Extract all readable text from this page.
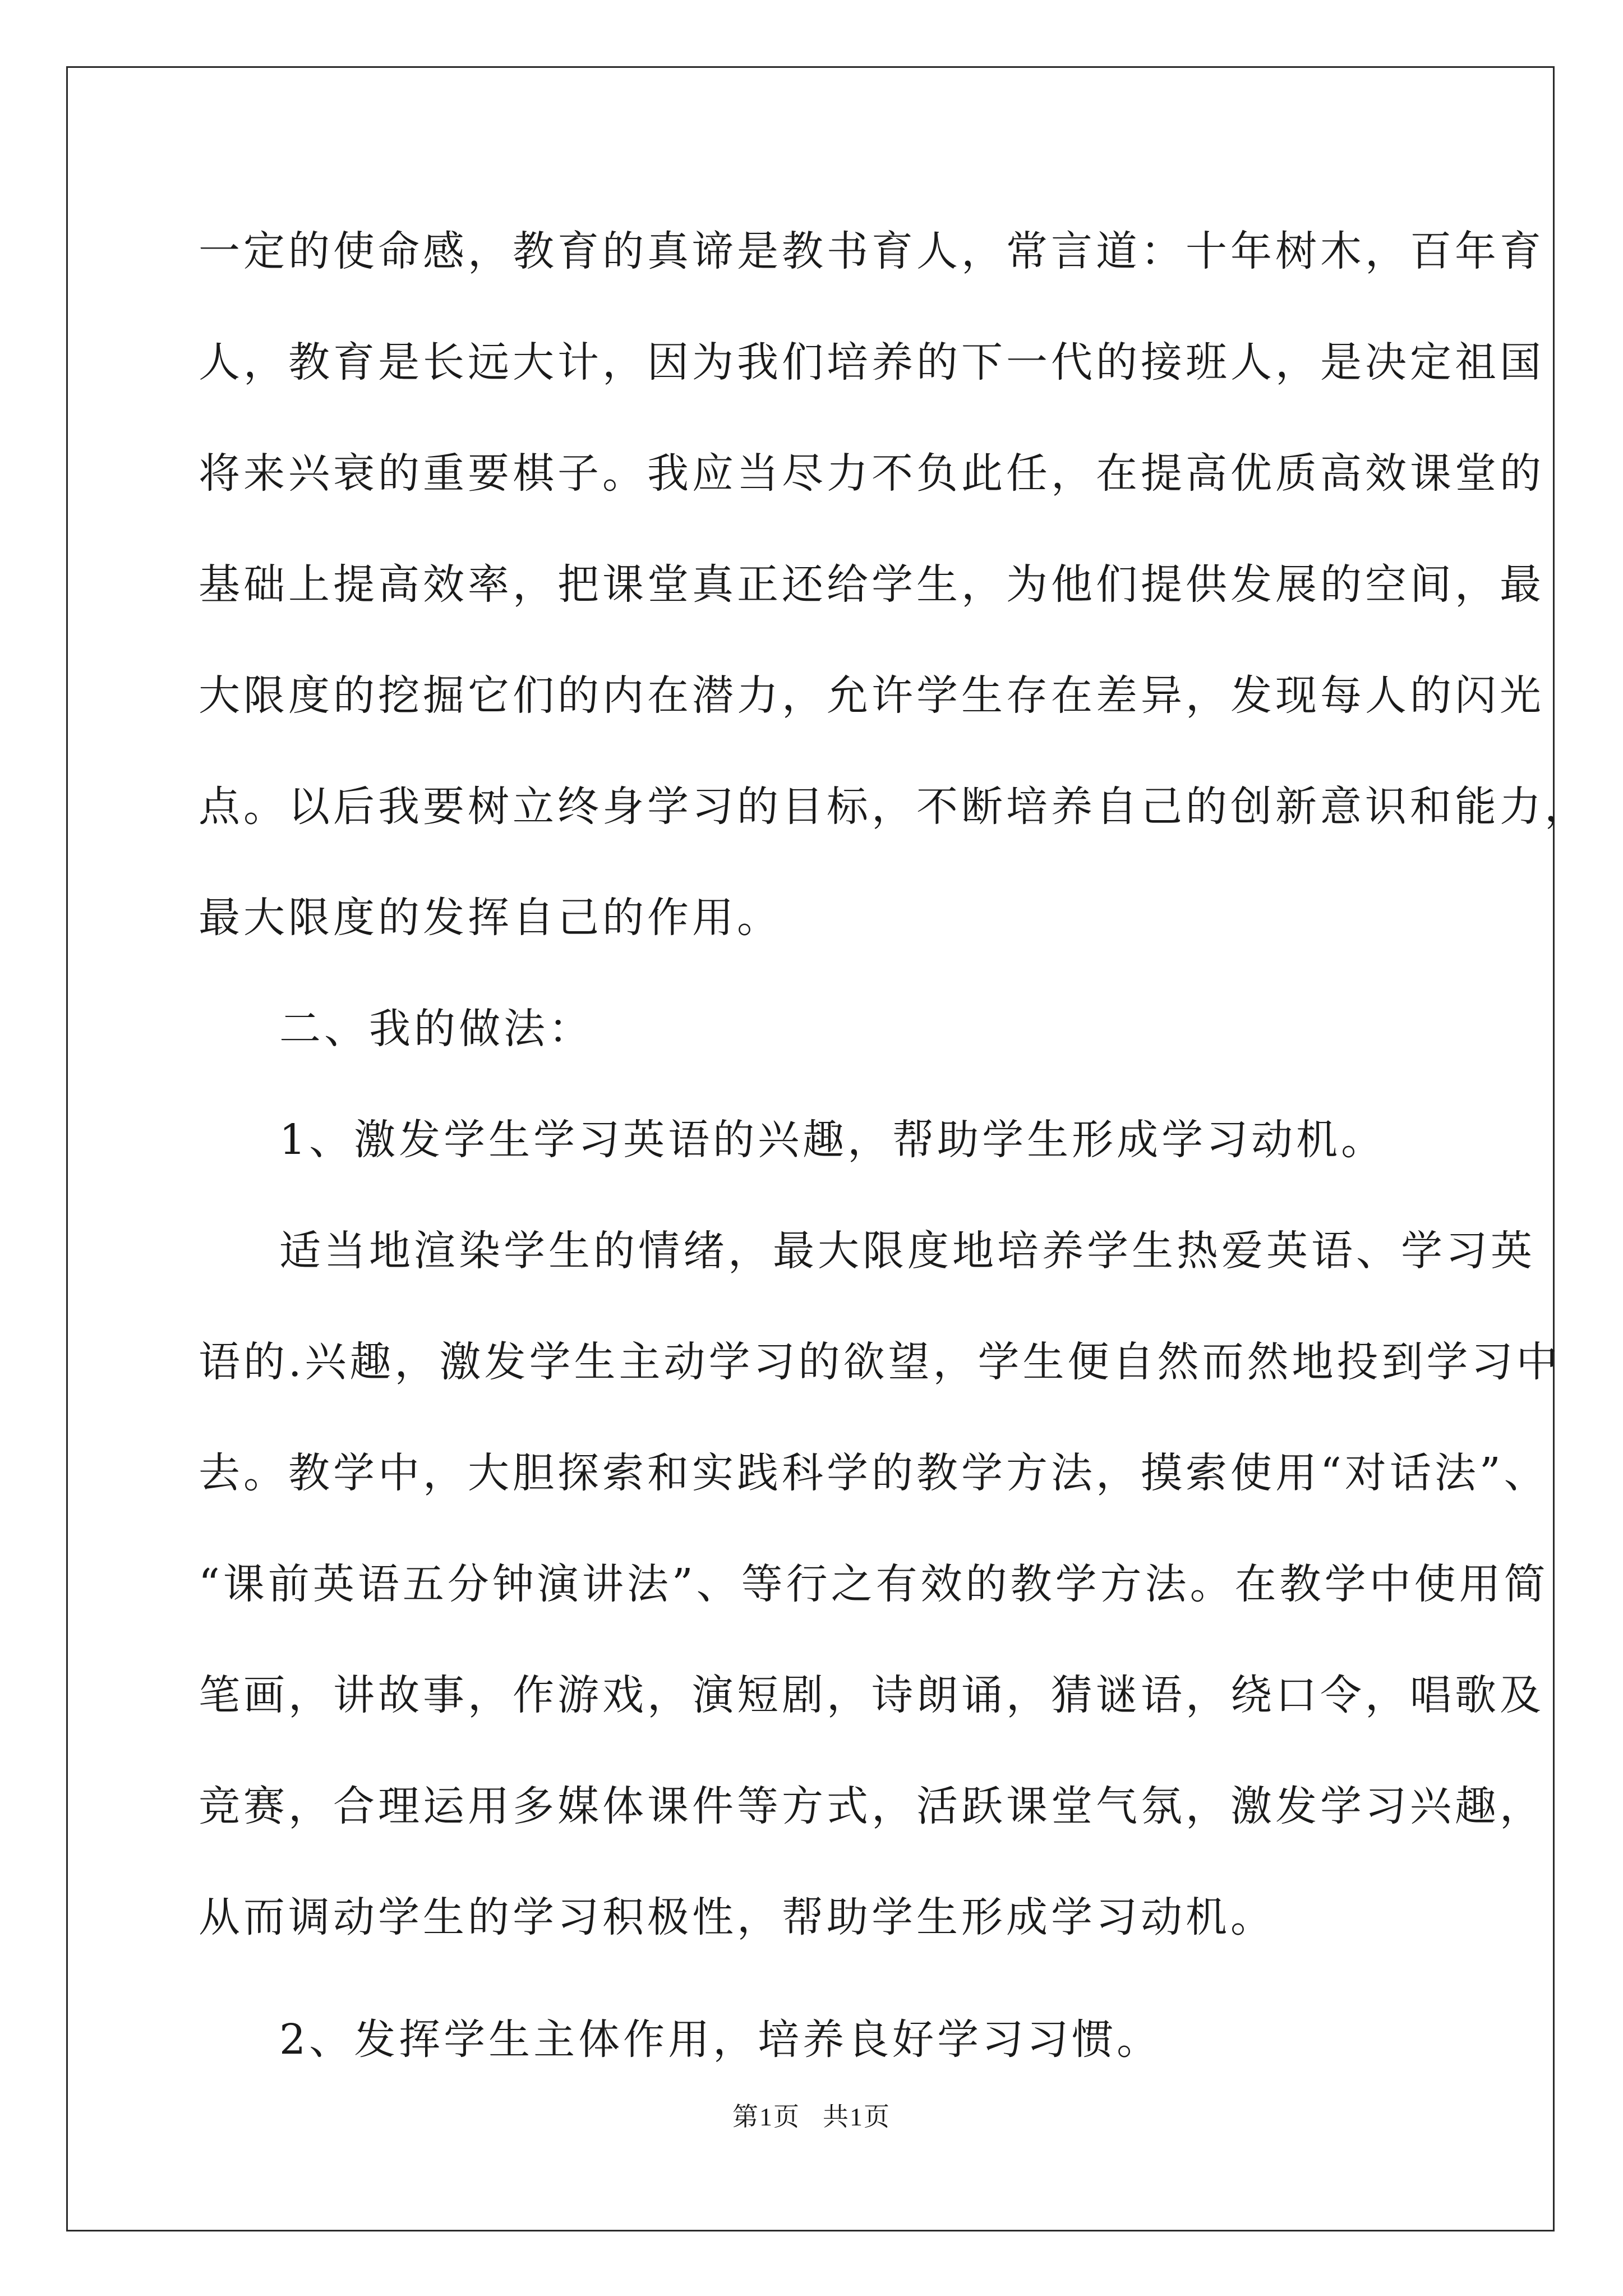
一定的使命感，教育的真谛是教书育人，常言道：十年树木，百年育
人，教育是长远大计，因为我们培养的下一代的接班人，是决定祖国
将来兴衰的重要棋子。我应当尽力不负此任，在提高优质高效课堂的
基础上提高效率，把课堂真正还给学生，为他们提供发展的空间，最
大限度的挖掘它们的内在潜力，允许学生存在差异，发现每人的闪光
点。以后我要树立终身学习的目标，不断培养自己的创新意识和能力，
最大限度的发挥自己的作用。
二、我的做法：
1、激发学生学习英语的兴趣，帮助学生形成学习动机。
适当地渲染学生的情绪，最大限度地培养学生热爱英语、学习英
语的.兴趣，激发学生主动学习的欲望，学生便自然而然地投到学习中
去。教学中，大胆探索和实践科学的教学方法，摸索使用“对话法”、
“课前英语五分钟演讲法”、等行之有效的教学方法。在教学中使用简
笔画，讲故事，作游戏，演短剧，诗朗诵，猜谜语，绕口令，唱歌及
竞赛，合理运用多媒体课件等方式，活跃课堂气氛，激发学习兴趣，
从而调动学生的学习积极性，帮助学生形成学习动机。
2、发挥学生主体作用，培养良好学习习惯。
第1页 共1页
